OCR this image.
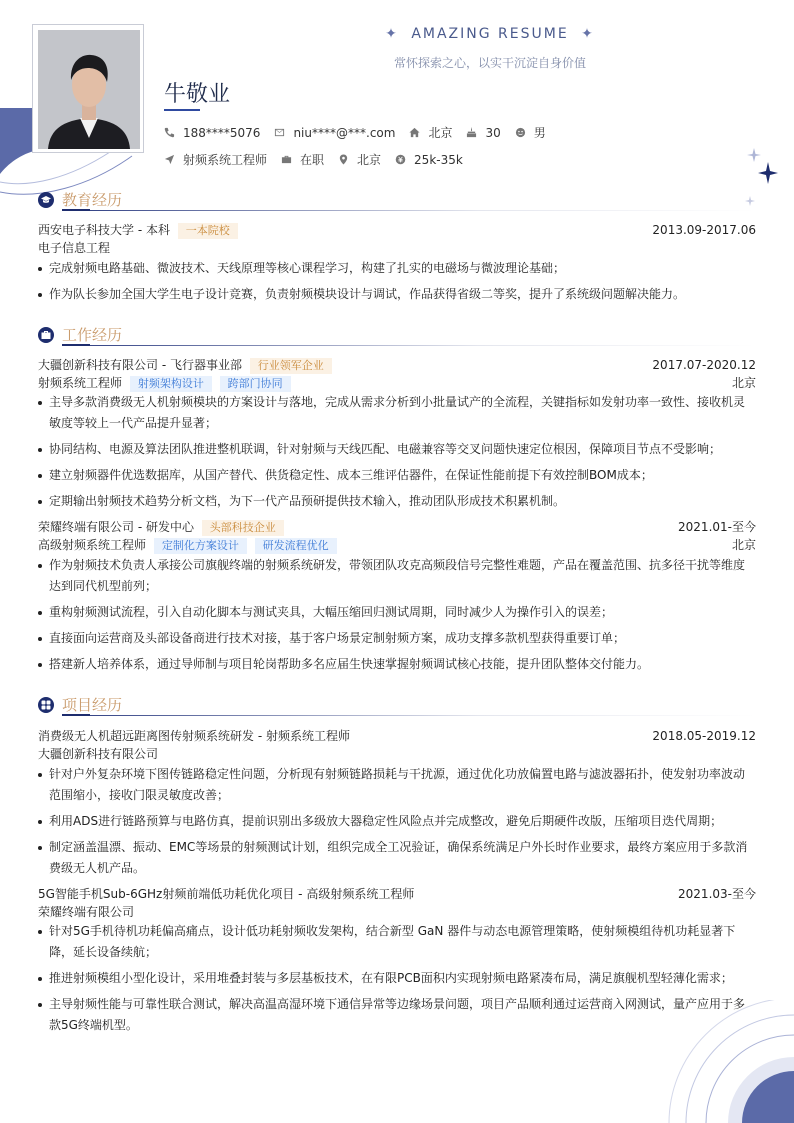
✦ AMAZING RESUME ✦
常怀探索之心，以实干沉淀自身价值
牛敬业
188****5076	niu****@***.com	北京	30	男
射频系统工程师	在职	北京	25k-35k
教育经历
西安电子科技大学 - 本科 一本院校	2013.09-2017.06
电子信息工程
完成射频电路基础、微波技术、天线原理等核心课程学习，构建了扎实的电磁场与微波理论基础；
作为队长参加全国大学生电子设计竞赛，负责射频模块设计与调试，作品获得省级二等奖，提升了系统级问题解决能力。
工作经历
大疆创新科技有限公司 - 飞行器事业部 行业领军企业	2017.07-2020.12
射频系统工程师 射频架构设计 跨部门协同	北京
主导多款消费级无人机射频模块的方案设计与落地，完成从需求分析到小批量试产的全流程，关键指标如发射功率一致性、接收机灵敏度等较上一代产品提升显著；
协同结构、电源及算法团队推进整机联调，针对射频与天线匹配、电磁兼容等交叉问题快速定位根因，保障项目节点不受影响；
建立射频器件优选数据库，从国产替代、供货稳定性、成本三维评估器件，在保证性能前提下有效控制BOM成本；
定期输出射频技术趋势分析文档，为下一代产品预研提供技术输入，推动团队形成技术积累机制。
荣耀终端有限公司 - 研发中心 头部科技企业	2021.01-至今
高级射频系统工程师 定制化方案设计 研发流程优化	北京
作为射频技术负责人承接公司旗舰终端的射频系统研发，带领团队攻克高频段信号完整性难题，产品在覆盖范围、抗多径干扰等维度达到同代机型前列；
重构射频测试流程，引入自动化脚本与测试夹具，大幅压缩回归测试周期，同时减少人为操作引入的误差；
直接面向运营商及头部设备商进行技术对接，基于客户场景定制射频方案，成功支撑多款机型获得重要订单；
搭建新人培养体系，通过导师制与项目轮岗帮助多名应届生快速掌握射频调试核心技能，提升团队整体交付能力。
项目经历
消费级无人机超远距离图传射频系统研发 - 射频系统工程师	2018.05-2019.12
大疆创新科技有限公司
针对户外复杂环境下图传链路稳定性问题，分析现有射频链路损耗与干扰源，通过优化功放偏置电路与滤波器拓扑，使发射功率波动范围缩小，接收门限灵敏度改善；
利用ADS进行链路预算与电路仿真，提前识别出多级放大器稳定性风险点并完成整改，避免后期硬件改版，压缩项目迭代周期；
制定涵盖温漂、振动、EMC等场景的射频测试计划，组织完成全工况验证，确保系统满足户外长时作业要求，最终方案应用于多款消费级无人机产品。
5G智能手机Sub-6GHz射频前端低功耗优化项目 - 高级射频系统工程师	2021.03-至今
荣耀终端有限公司
针对5G手机待机功耗偏高痛点，设计低功耗射频收发架构，结合新型 GaN 器件与动态电源管理策略，使射频模组待机功耗显著下降，延长设备续航；
推进射频模组小型化设计，采用堆叠封装与多层基板技术，在有限PCB面积内实现射频电路紧凑布局，满足旗舰机型轻薄化需求；
主导射频性能与可靠性联合测试，解决高温高湿环境下通信异常等边缘场景问题，项目产品顺利通过运营商入网测试，量产应用于多款5G终端机型。
